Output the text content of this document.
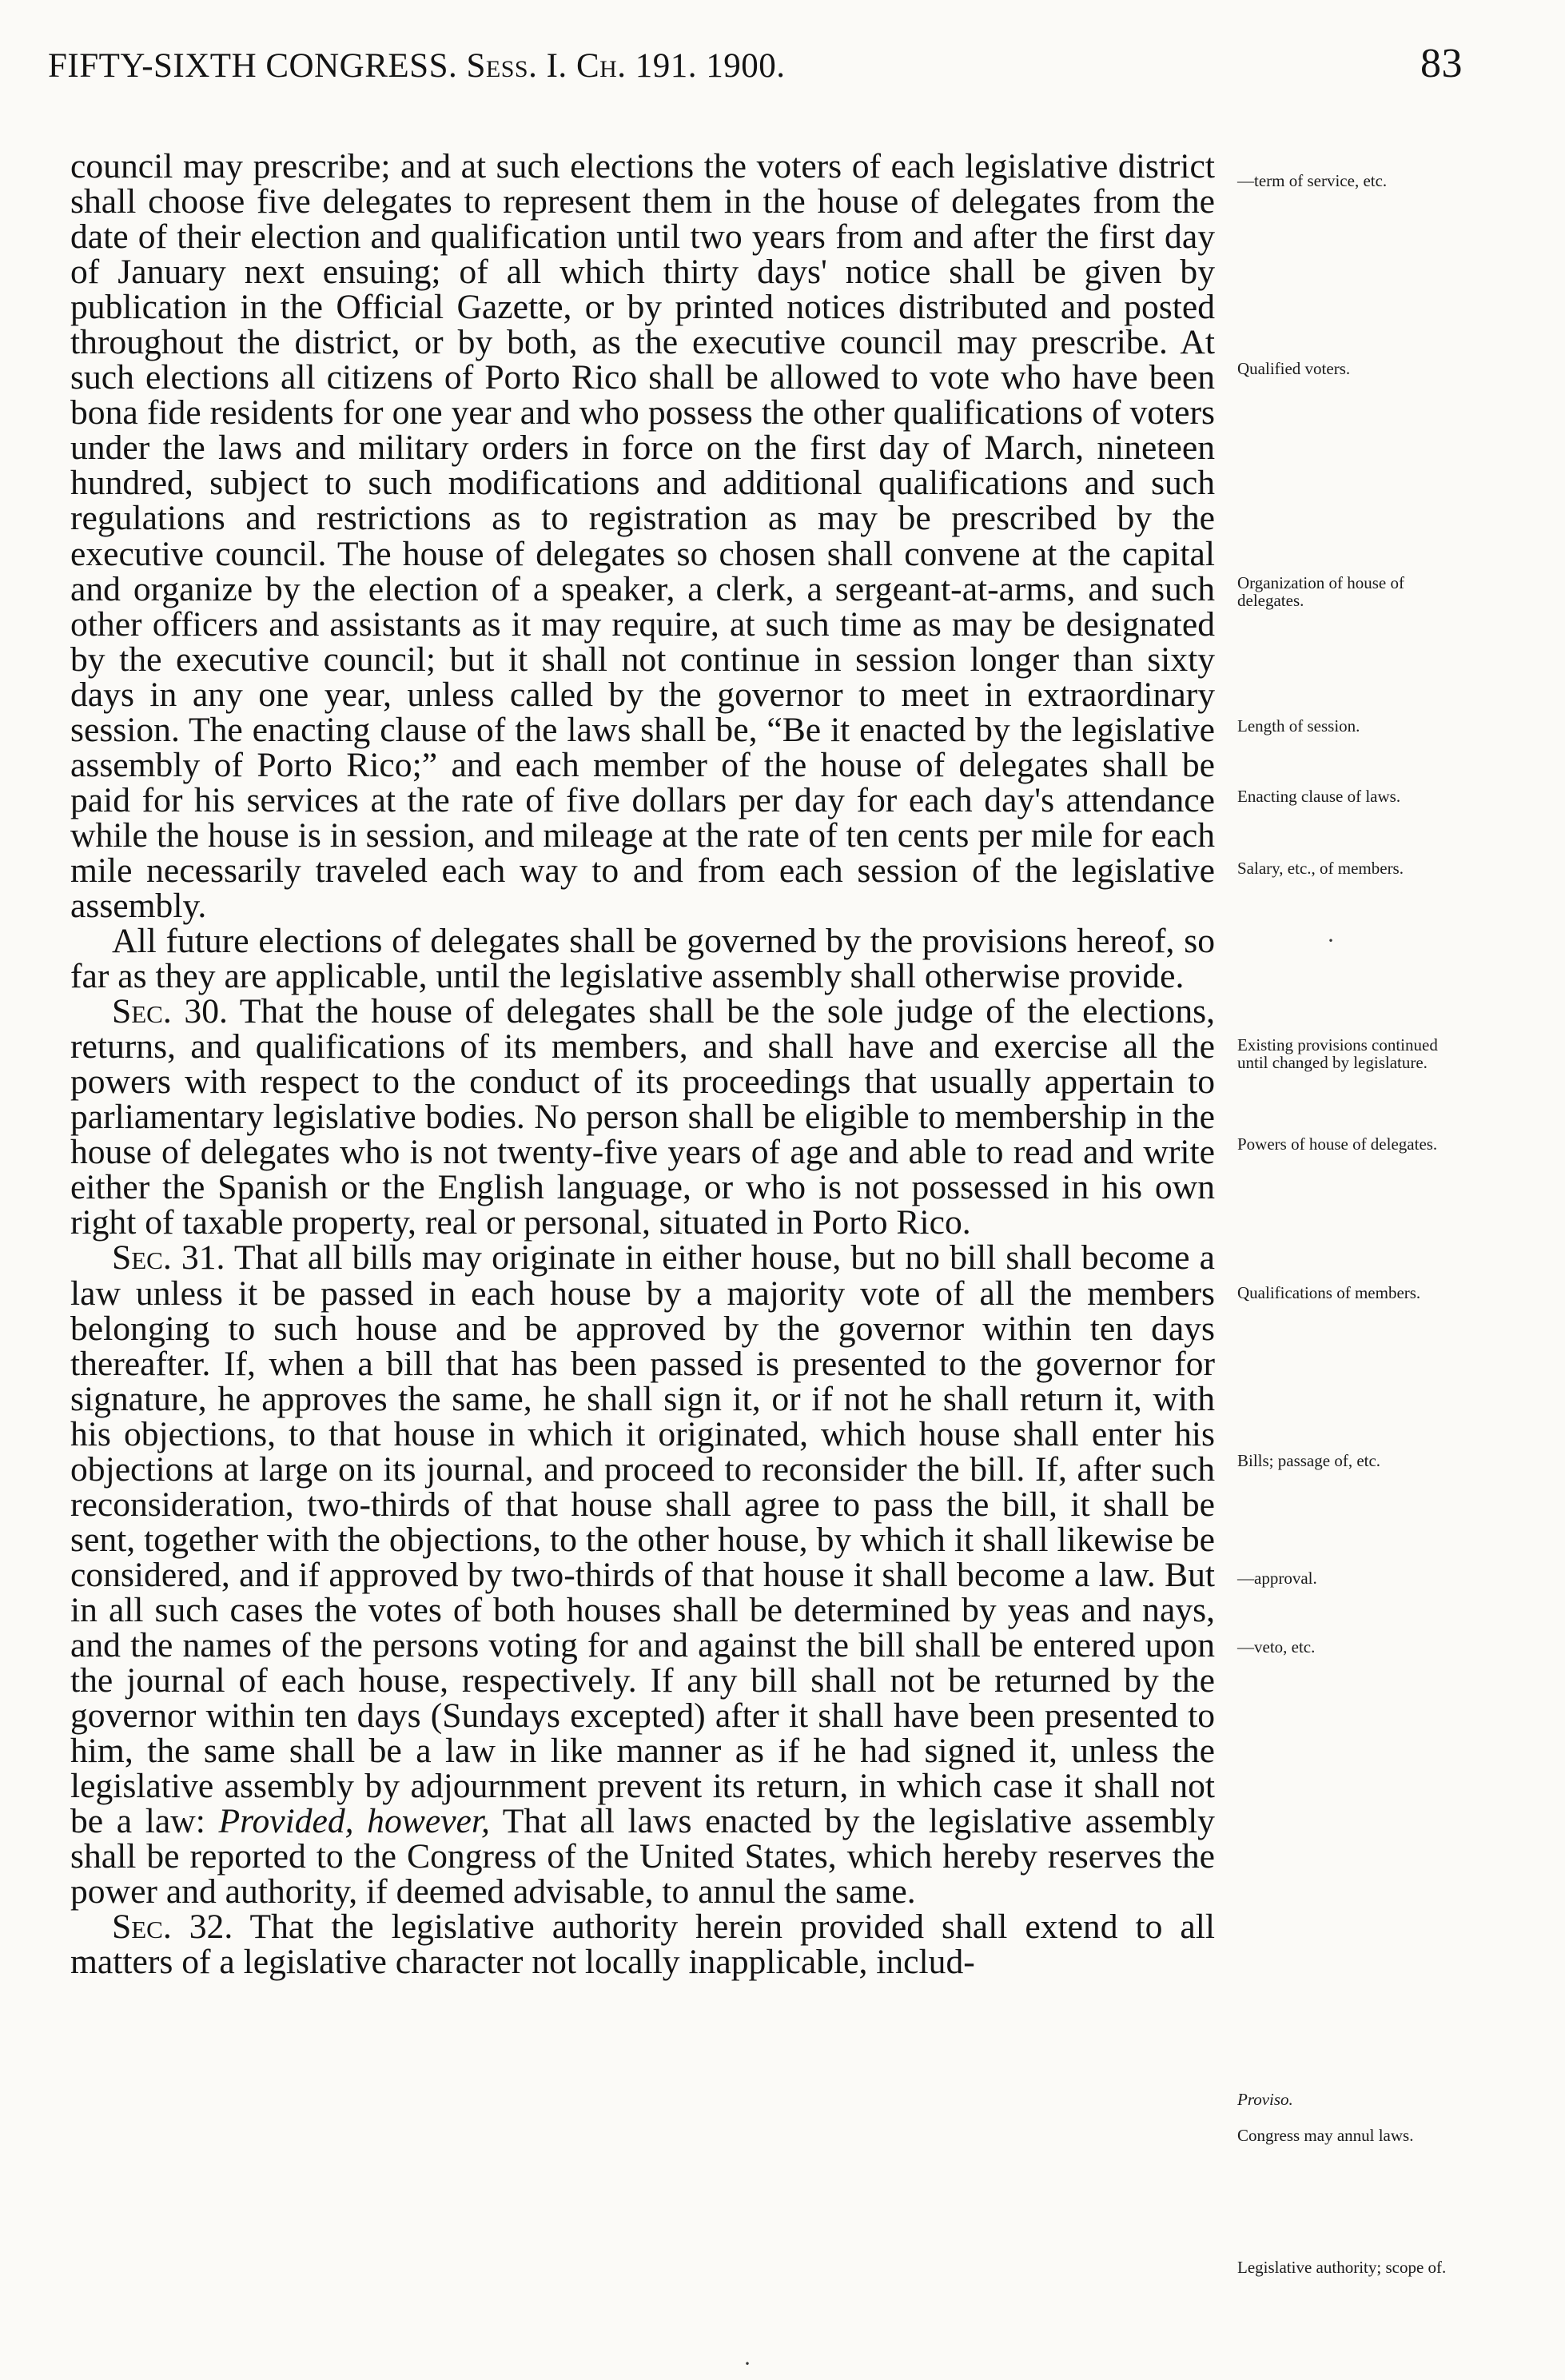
FIFTY-SIXTH CONGRESS. Sess. I. Ch. 191. 1900.	83

council may prescribe; and at such elections the voters of each legislative district shall choose five delegates to represent them in the house of delegates from the date of their election and qualification until two years from and after the first day of January next ensuing; of all which thirty days' notice shall be given by publication in the Official Gazette, or by printed notices distributed and posted throughout the district, or by both, as the executive council may prescribe. At such elections all citizens of Porto Rico shall be allowed to vote who have been bona fide residents for one year and who possess the other qualifications of voters under the laws and military orders in force on the first day of March, nineteen hundred, subject to such modifications and additional qualifications and such regulations and restrictions as to registration as may be prescribed by the executive council. The house of delegates so chosen shall convene at the capital and organize by the election of a speaker, a clerk, a sergeant-at-arms, and such other officers and assistants as it may require, at such time as may be designated by the executive council; but it shall not continue in session longer than sixty days in any one year, unless called by the governor to meet in extraordinary session. The enacting clause of the laws shall be, “Be it enacted by the legislative assembly of Porto Rico;” and each member of the house of delegates shall be paid for his services at the rate of five dollars per day for each day's attendance while the house is in session, and mileage at the rate of ten cents per mile for each mile necessarily traveled each way to and from each session of the legislative assembly.

All future elections of delegates shall be governed by the provisions hereof, so far as they are applicable, until the legislative assembly shall otherwise provide.

Sec. 30. That the house of delegates shall be the sole judge of the elections, returns, and qualifications of its members, and shall have and exercise all the powers with respect to the conduct of its proceedings that usually appertain to parliamentary legislative bodies. No person shall be eligible to membership in the house of delegates who is not twenty-five years of age and able to read and write either the Spanish or the English language, or who is not possessed in his own right of taxable property, real or personal, situated in Porto Rico.

Sec. 31. That all bills may originate in either house, but no bill shall become a law unless it be passed in each house by a majority vote of all the members belonging to such house and be approved by the governor within ten days thereafter. If, when a bill that has been passed is presented to the governor for signature, he approves the same, he shall sign it, or if not he shall return it, with his objections, to that house in which it originated, which house shall enter his objections at large on its journal, and proceed to reconsider the bill. If, after such reconsideration, two-thirds of that house shall agree to pass the bill, it shall be sent, together with the objections, to the other house, by which it shall likewise be considered, and if approved by two-thirds of that house it shall become a law. But in all such cases the votes of both houses shall be determined by yeas and nays, and the names of the persons voting for and against the bill shall be entered upon the journal of each house, respectively. If any bill shall not be returned by the governor within ten days (Sundays excepted) after it shall have been presented to him, the same shall be a law in like manner as if he had signed it, unless the legislative assembly by adjournment prevent its return, in which case it shall not be a law: Provided, however, That all laws enacted by the legislative assembly shall be reported to the Congress of the United States, which hereby reserves the power and authority, if deemed advisable, to annul the same.

Sec. 32. That the legislative authority herein provided shall extend to all matters of a legislative character not locally inapplicable, includ-

—term of service, etc.
Qualified voters.
Organization of house of delegates.
Length of session.
Enacting clause of laws.
Salary, etc., of members.
Existing provisions continued until changed by legislature.
Powers of house of delegates.
Qualifications of members.
Bills; passage of, etc.
—approval.
—veto, etc.
Proviso.
Congress may annul laws.
Legislative authority; scope of.
·
·
